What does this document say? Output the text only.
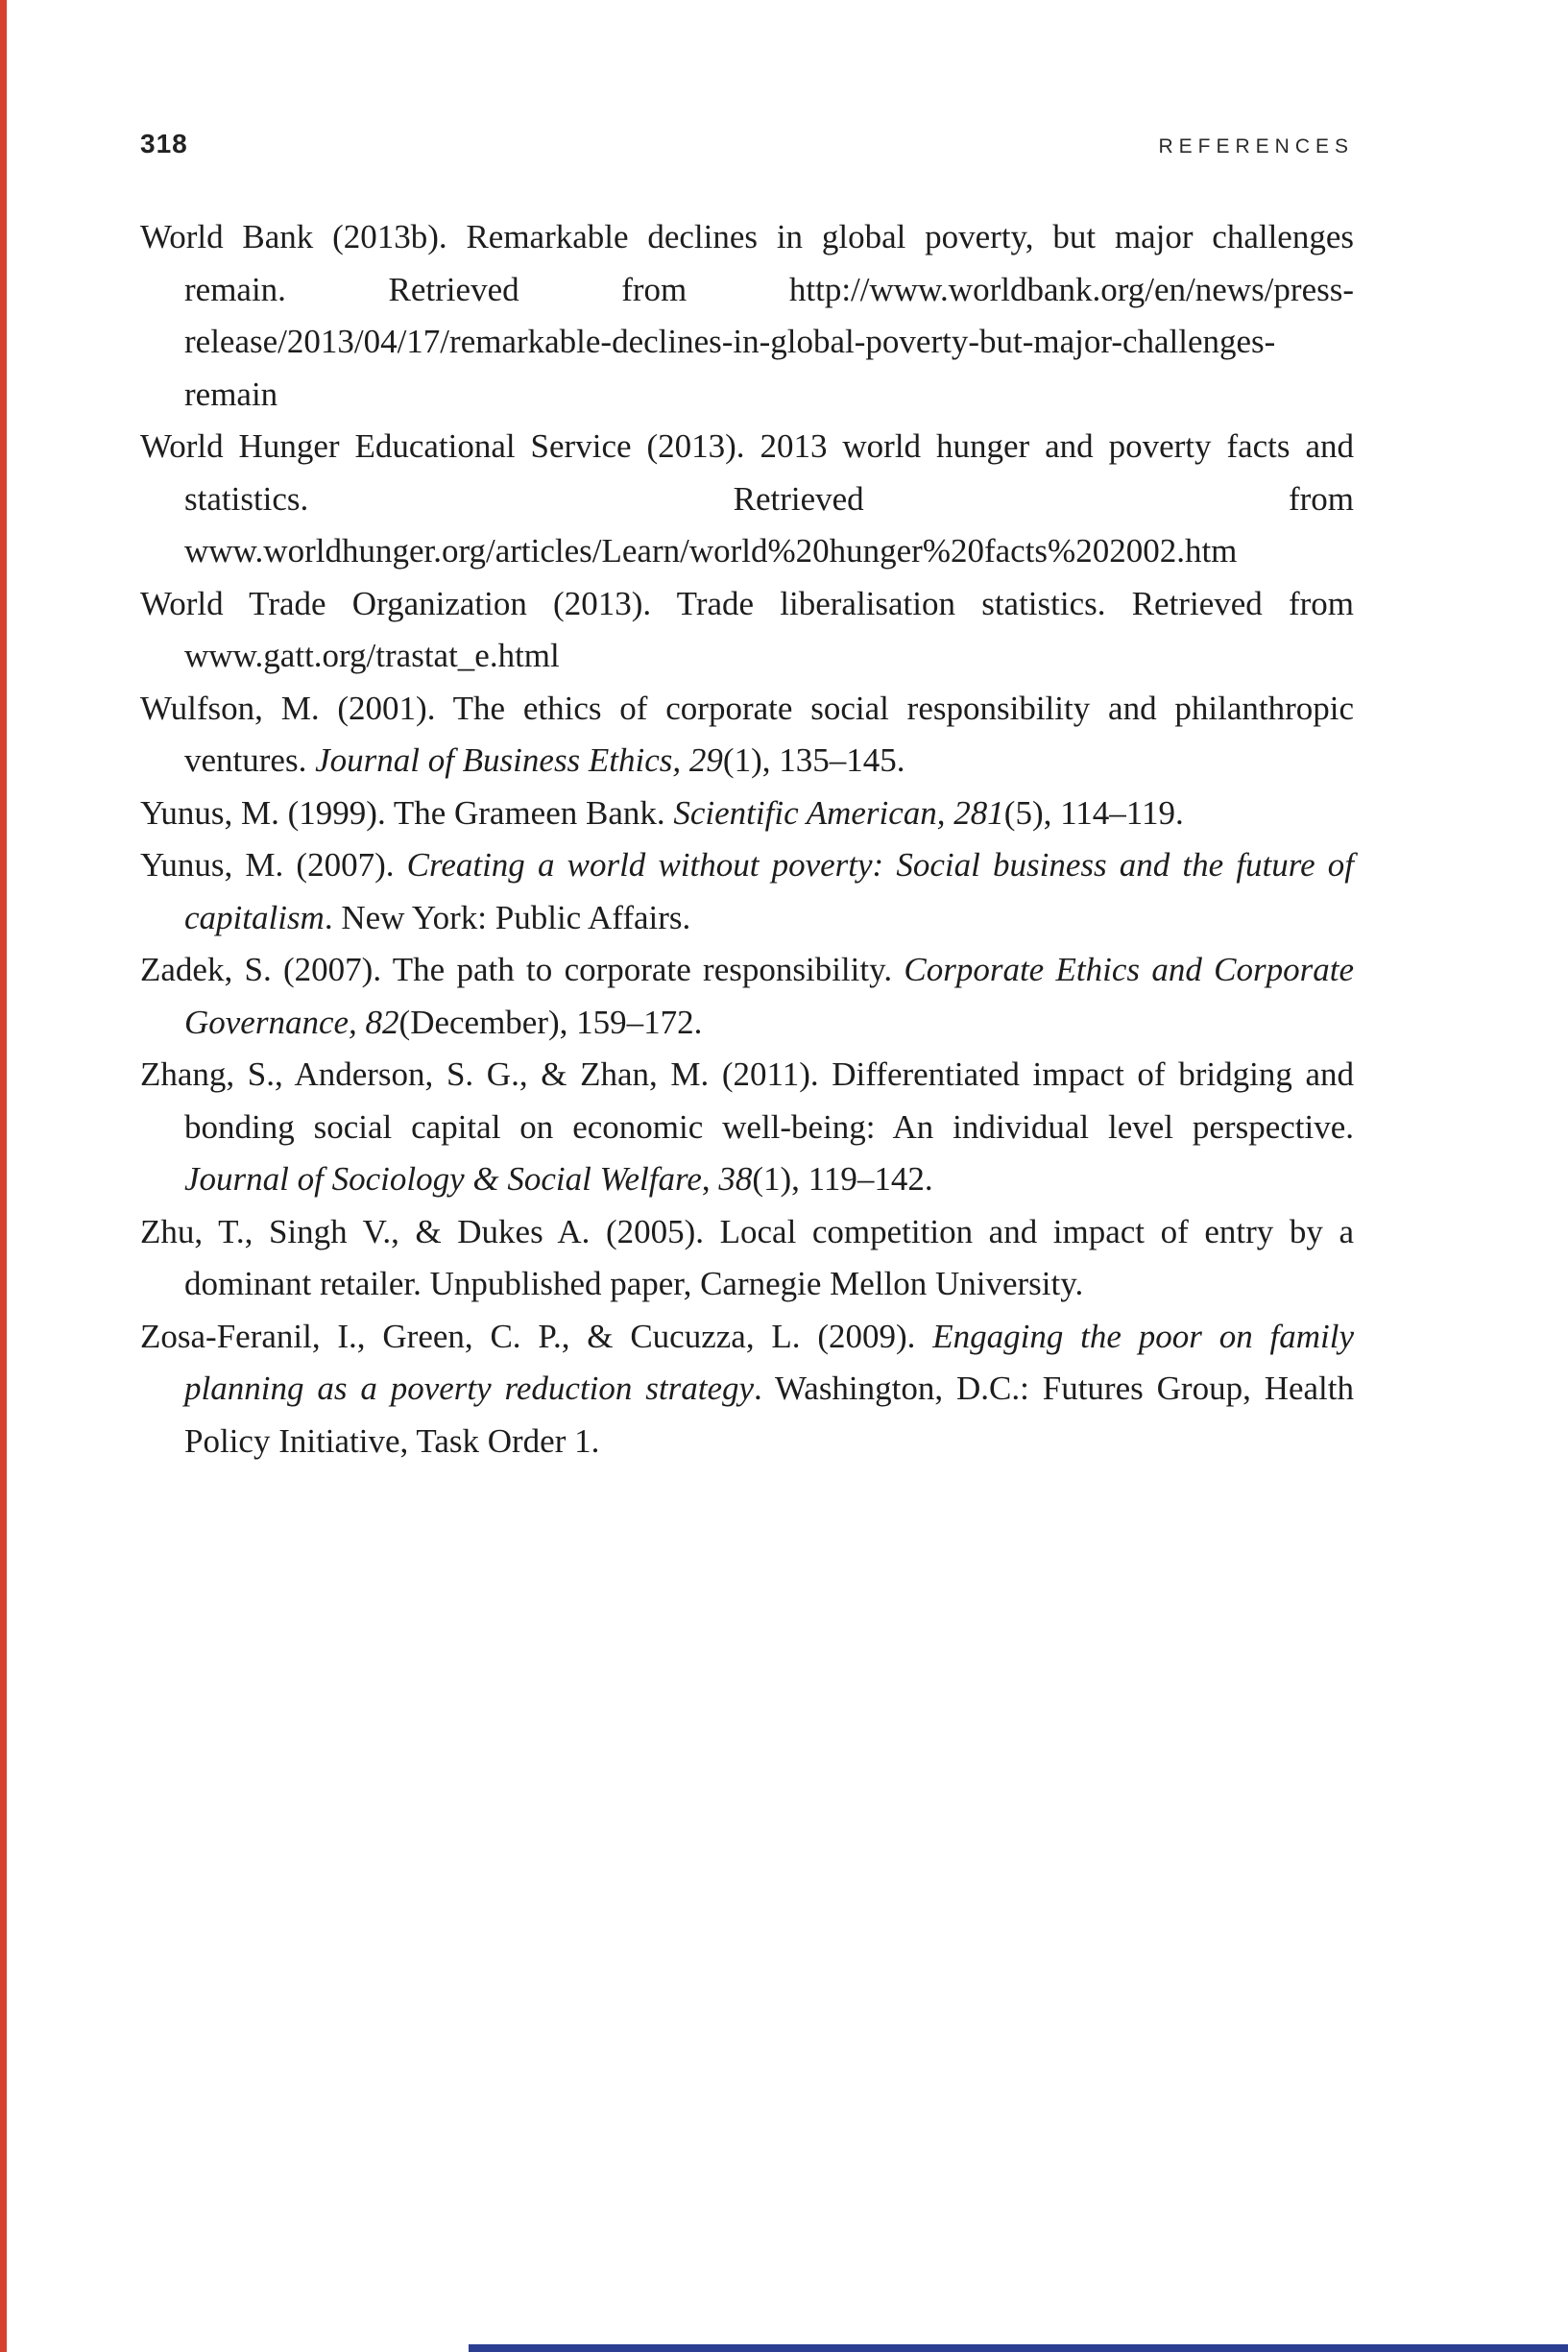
318	REFERENCES

World Bank (2013b). Remarkable declines in global poverty, but major challenges remain. Retrieved from http://www.worldbank.org/en/news/press-release/2013/04/17/remarkable-declines-in-global-poverty-but-major-challenges-remain

World Hunger Educational Service (2013). 2013 world hunger and poverty facts and statistics. Retrieved from www.worldhunger.org/articles/Learn/world%20hunger%20facts%202002.htm

World Trade Organization (2013). Trade liberalisation statistics. Retrieved from www.gatt.org/trastat_e.html

Wulfson, M. (2001). The ethics of corporate social responsibility and philanthropic ventures. Journal of Business Ethics, 29(1), 135–145.

Yunus, M. (1999). The Grameen Bank. Scientific American, 281(5), 114–119.

Yunus, M. (2007). Creating a world without poverty: Social business and the future of capitalism. New York: Public Affairs.

Zadek, S. (2007). The path to corporate responsibility. Corporate Ethics and Corporate Governance, 82(December), 159–172.

Zhang, S., Anderson, S. G., & Zhan, M. (2011). Differentiated impact of bridging and bonding social capital on economic well-being: An individual level perspective. Journal of Sociology & Social Welfare, 38(1), 119–142.

Zhu, T., Singh V., & Dukes A. (2005). Local competition and impact of entry by a dominant retailer. Unpublished paper, Carnegie Mellon University.

Zosa-Feranil, I., Green, C. P., & Cucuzza, L. (2009). Engaging the poor on family planning as a poverty reduction strategy. Washington, D.C.: Futures Group, Health Policy Initiative, Task Order 1.
